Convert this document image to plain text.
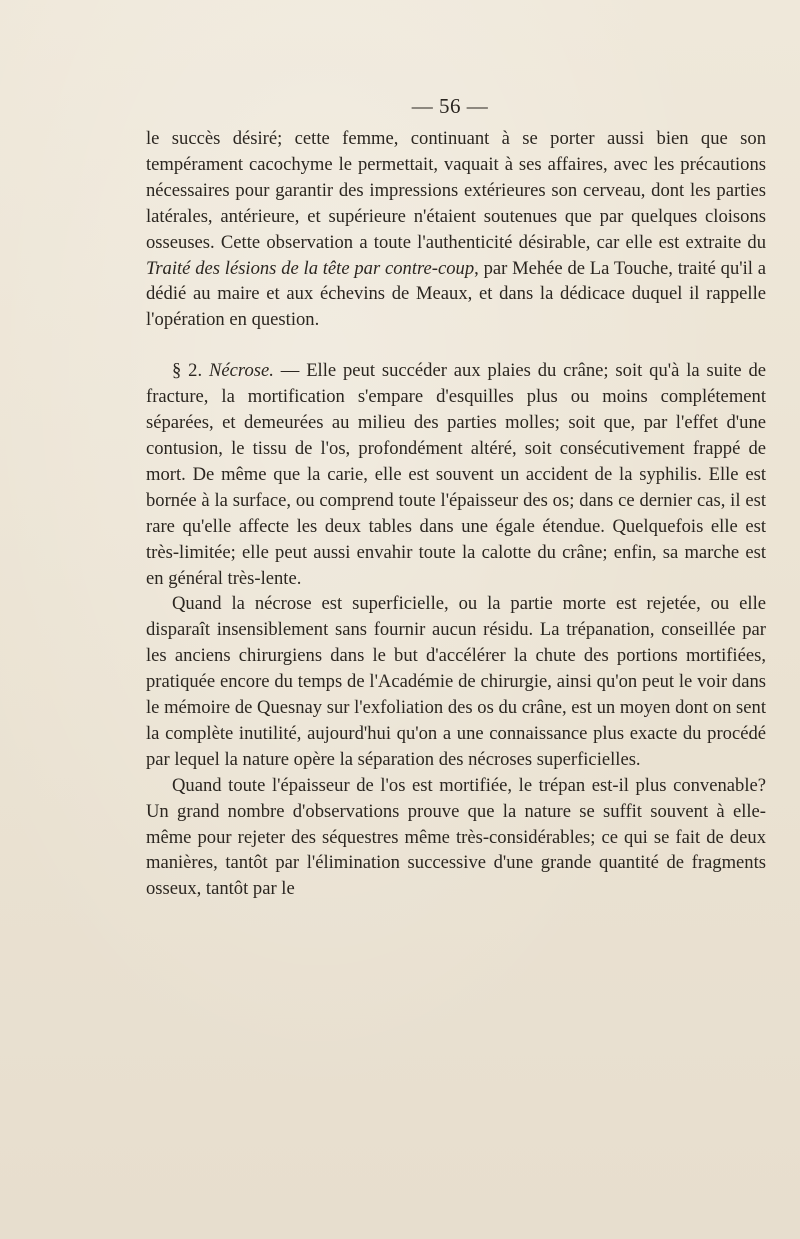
— 56 —

le succès désiré; cette femme, continuant à se porter aussi bien que son tempérament cacochyme le permettait, vaquait à ses affaires, avec les précautions nécessaires pour garantir des impressions extérieures son cerveau, dont les parties latérales, antérieure, et supérieure n'étaient soutenues que par quelques cloisons osseuses. Cette observation a toute l'authenticité désirable, car elle est extraite du Traité des lésions de la tête par contre-coup, par Mehée de La Touche, traité qu'il a dédié au maire et aux échevins de Meaux, et dans la dédicace duquel il rappelle l'opération en question.

§ 2. Nécrose. — Elle peut succéder aux plaies du crâne; soit qu'à la suite de fracture, la mortification s'empare d'esquilles plus ou moins complétement séparées, et demeurées au milieu des parties molles; soit que, par l'effet d'une contusion, le tissu de l'os, profondément altéré, soit consécutivement frappé de mort. De même que la carie, elle est souvent un accident de la syphilis. Elle est bornée à la surface, ou comprend toute l'épaisseur des os; dans ce dernier cas, il est rare qu'elle affecte les deux tables dans une égale étendue. Quelquefois elle est très-limitée; elle peut aussi envahir toute la calotte du crâne; enfin, sa marche est en général très-lente.

Quand la nécrose est superficielle, ou la partie morte est rejetée, ou elle disparaît insensiblement sans fournir aucun résidu. La trépanation, conseillée par les anciens chirurgiens dans le but d'accélérer la chute des portions mortifiées, pratiquée encore du temps de l'Académie de chirurgie, ainsi qu'on peut le voir dans le mémoire de Quesnay sur l'exfoliation des os du crâne, est un moyen dont on sent la complète inutilité, aujourd'hui qu'on a une connaissance plus exacte du procédé par lequel la nature opère la séparation des nécroses superficielles.

Quand toute l'épaisseur de l'os est mortifiée, le trépan est-il plus convenable? Un grand nombre d'observations prouve que la nature se suffit souvent à elle-même pour rejeter des séquestres même très-considérables; ce qui se fait de deux manières, tantôt par l'élimination successive d'une grande quantité de fragments osseux, tantôt par le
